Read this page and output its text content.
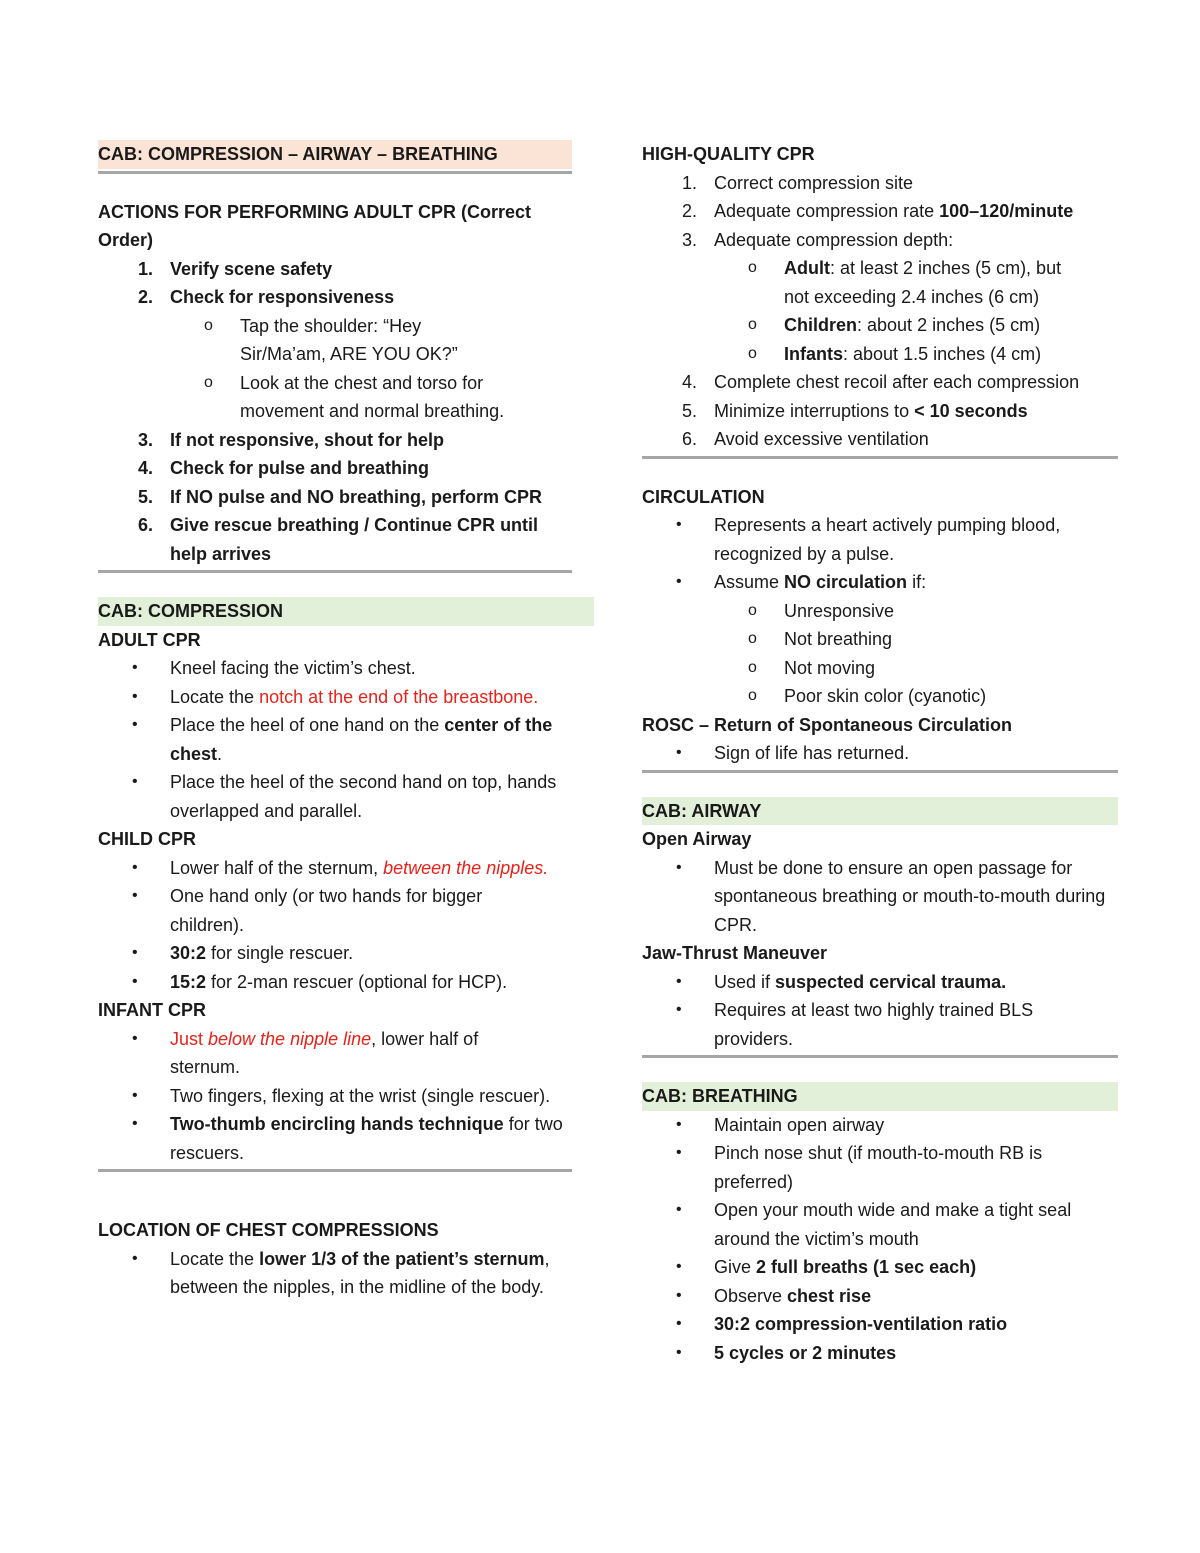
CAB: COMPRESSION – AIRWAY – BREATHING

ACTIONS FOR PERFORMING ADULT CPR (Correct Order)

1. Verify scene safety
2. Check for responsiveness
o Tap the shoulder: “Hey Sir/Ma’am, ARE YOU OK?”
o Look at the chest and torso for movement and normal breathing.
3. If not responsive, shout for help
4. Check for pulse and breathing
5. If NO pulse and NO breathing, perform CPR
6. Give rescue breathing / Continue CPR until help arrives

CAB: COMPRESSION

ADULT CPR

• Kneel facing the victim’s chest.
• Locate the notch at the end of the breastbone.
• Place the heel of one hand on the center of the chest.
• Place the heel of the second hand on top, hands overlapped and parallel.

CHILD CPR

• Lower half of the sternum, between the nipples.
• One hand only (or two hands for bigger children).
• 30:2 for single rescuer.
• 15:2 for 2-man rescuer (optional for HCP).

INFANT CPR

• Just below the nipple line, lower half of sternum.
• Two fingers, flexing at the wrist (single rescuer).
• Two-thumb encircling hands technique for two rescuers.

LOCATION OF CHEST COMPRESSIONS

• Locate the lower 1/3 of the patient’s sternum, between the nipples, in the midline of the body.

HIGH-QUALITY CPR

1. Correct compression site
2. Adequate compression rate 100–120/minute
3. Adequate compression depth:
o Adult: at least 2 inches (5 cm), but not exceeding 2.4 inches (6 cm)
o Children: about 2 inches (5 cm)
o Infants: about 1.5 inches (4 cm)
4. Complete chest recoil after each compression
5. Minimize interruptions to < 10 seconds
6. Avoid excessive ventilation

CIRCULATION

• Represents a heart actively pumping blood, recognized by a pulse.
• Assume NO circulation if:
o Unresponsive
o Not breathing
o Not moving
o Poor skin color (cyanotic)

ROSC – Return of Spontaneous Circulation

• Sign of life has returned.

CAB: AIRWAY

Open Airway

• Must be done to ensure an open passage for spontaneous breathing or mouth-to-mouth during CPR.

Jaw-Thrust Maneuver

• Used if suspected cervical trauma.
• Requires at least two highly trained BLS providers.

CAB: BREATHING

• Maintain open airway
• Pinch nose shut (if mouth-to-mouth RB is preferred)
• Open your mouth wide and make a tight seal around the victim’s mouth
• Give 2 full breaths (1 sec each)
• Observe chest rise
• 30:2 compression-ventilation ratio
• 5 cycles or 2 minutes
